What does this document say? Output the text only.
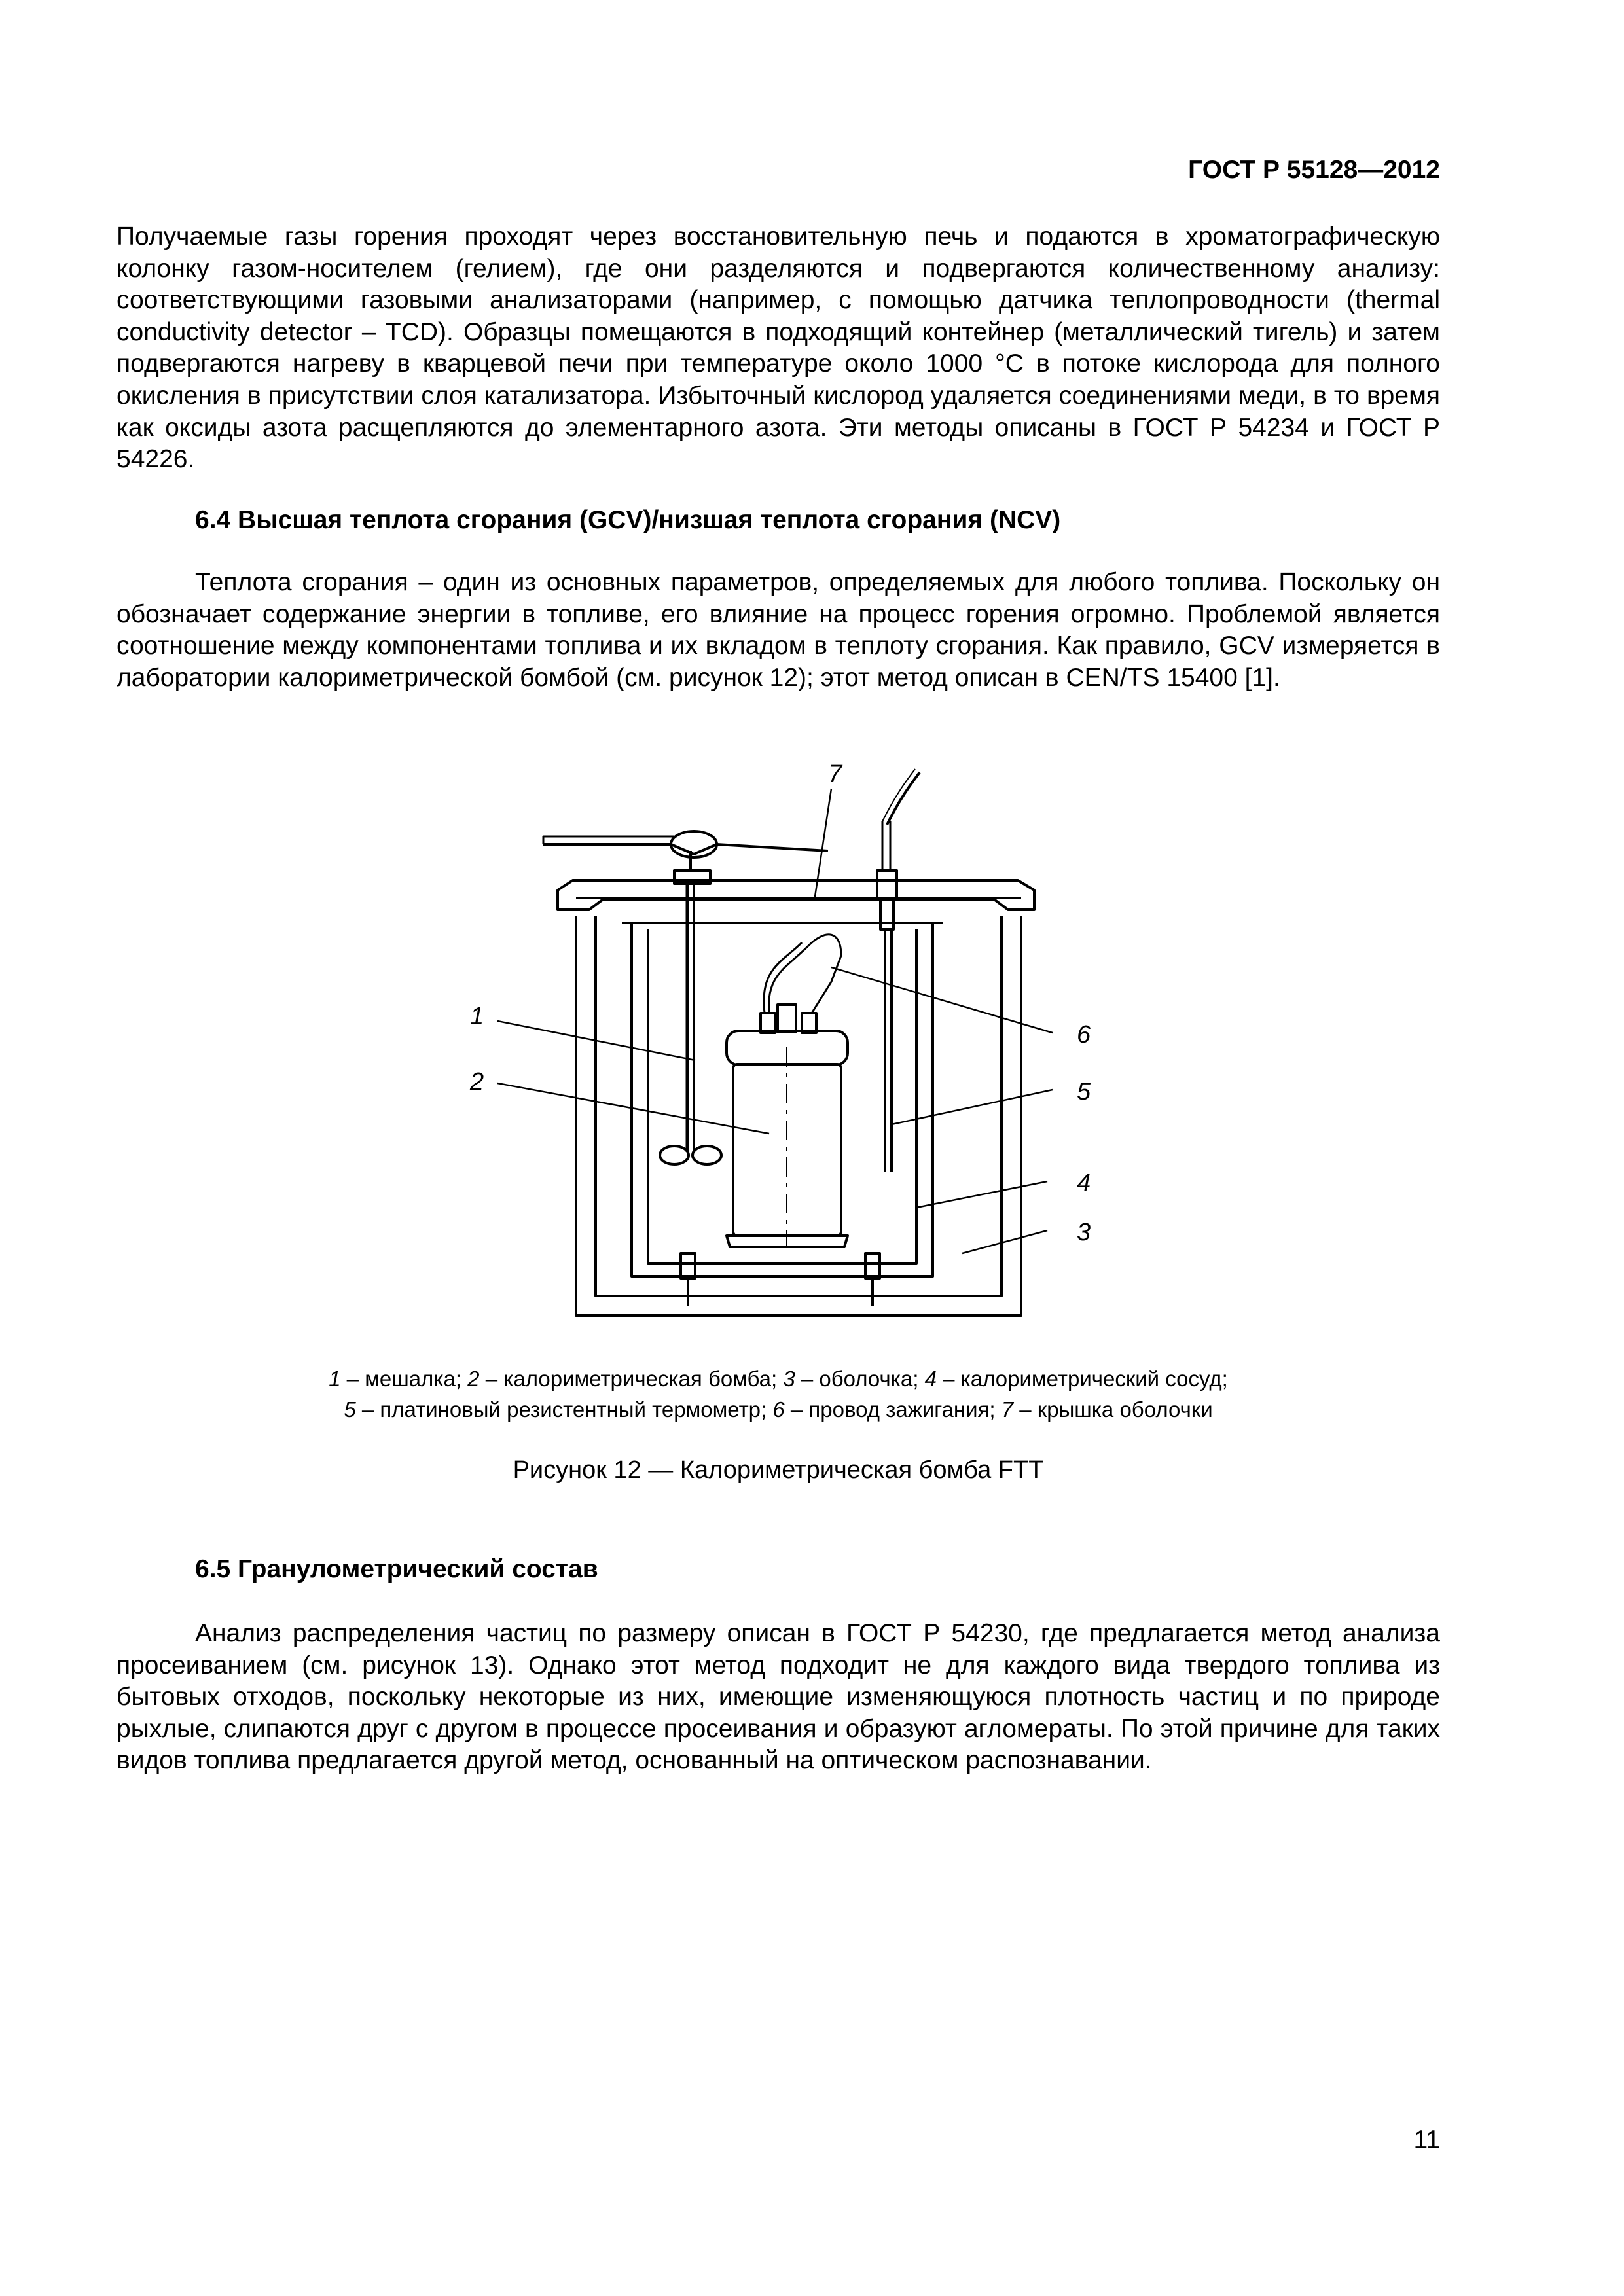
ГОСТ Р 55128—2012
Получаемые газы горения проходят через восстановительную печь и подаются в хроматографическую колонку газом-носителем (гелием), где они разделяются и подвергаются количественному анализу: соответствующими газовыми анализаторами (например, с помощью датчика теплопроводности (thermal conductivity detector – TCD). Образцы помещаются в подходящий контейнер (металлический тигель) и затем подвергаются нагреву в кварцевой печи при температуре около 1000 °С в потоке кислорода для полного окисления в присутствии слоя катализатора. Избыточный кислород удаляется соединениями меди, в то время как оксиды азота расщепляются до элементарного азота. Эти методы описаны в ГОСТ Р 54234 и ГОСТ Р 54226.
6.4 Высшая теплота сгорания (GCV)/низшая теплота сгорания (NCV)
Теплота сгорания – один из основных параметров, определяемых для любого топлива. Поскольку он обозначает содержание энергии в топливе, его влияние на процесс горения огромно. Проблемой является соотношение между компонентами топлива и их вкладом в теплоту сгорания. Как правило, GCV измеряется в лаборатории калориметрической бомбой (см. рисунок 12); этот метод описан в CEN/TS 15400 [1].
1
2
3
4
5
6
7
1 – мешалка; 2 – калориметрическая бомба; 3 – оболочка; 4 – калориметрический сосуд;
5 – платиновый резистентный термометр; 6 – провод зажигания; 7 – крышка оболочки
Рисунок 12 — Калориметрическая бомба FTT
6.5 Гранулометрический состав
Анализ распределения частиц по размеру описан в ГОСТ Р 54230, где предлагается метод анализа просеиванием (см. рисунок 13). Однако этот метод подходит не для каждого вида твердого топлива из бытовых отходов, поскольку некоторые из них, имеющие изменяющуюся плотность частиц и по природе рыхлые, слипаются друг с другом в процессе просеивания и образуют агломераты. По этой причине для таких видов топлива предлагается другой метод, основанный на оптическом распознавании.
11
